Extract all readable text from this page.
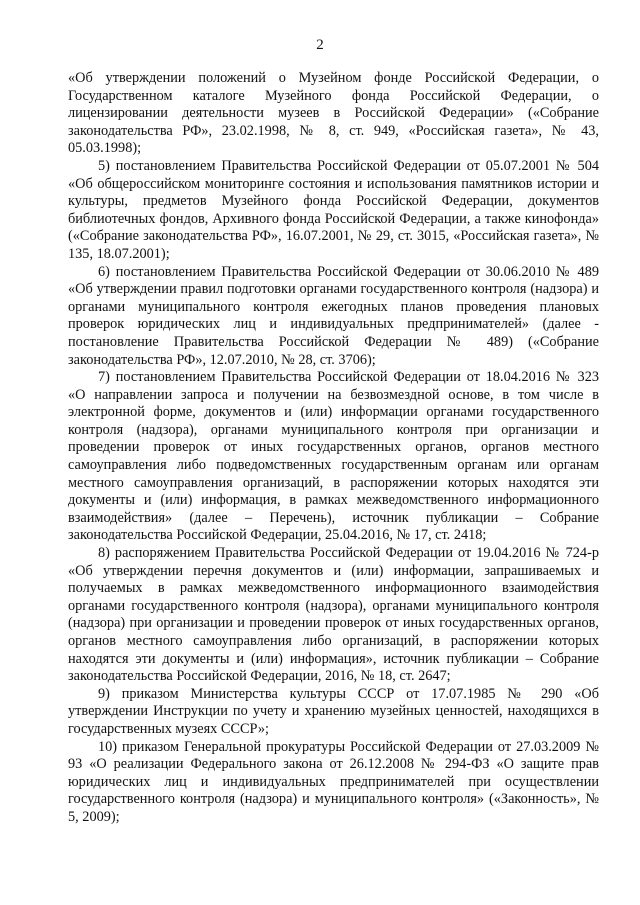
2

«Об утверждении положений о Музейном фонде Российской Федерации, о Государственном каталоге Музейного фонда Российской Федерации, о лицензировании деятельности музеев в Российской Федерации» («Собрание законодательства РФ», 23.02.1998, № 8, ст. 949, «Российская газета», № 43, 05.03.1998);

5) постановлением Правительства Российской Федерации от 05.07.2001 № 504 «Об общероссийском мониторинге состояния и использования памятников истории и культуры, предметов Музейного фонда Российской Федерации, документов библиотечных фондов, Архивного фонда Российской Федерации, а также кинофонда» («Собрание законодательства РФ», 16.07.2001, № 29, ст. 3015, «Российская газета», № 135, 18.07.2001);

6) постановлением Правительства Российской Федерации от 30.06.2010 № 489 «Об утверждении правил подготовки органами государственного контроля (надзора) и органами муниципального контроля ежегодных планов проведения плановых проверок юридических лиц и индивидуальных предпринимателей» (далее - постановление Правительства Российской Федерации № 489) («Собрание законодательства РФ», 12.07.2010, № 28, ст. 3706);

7) постановлением Правительства Российской Федерации от 18.04.2016 № 323 «О направлении запроса и получении на безвозмездной основе, в том числе в электронной форме, документов и (или) информации органами государственного контроля (надзора), органами муниципального контроля при организации и проведении проверок от иных государственных органов, органов местного самоуправления либо подведомственных государственным органам или органам местного самоуправления организаций, в распоряжении которых находятся эти документы и (или) информация, в рамках межведомственного информационного взаимодействия» (далее – Перечень), источник публикации – Собрание законодательства Российской Федерации, 25.04.2016, № 17, ст. 2418;

8) распоряжением Правительства Российской Федерации от 19.04.2016 № 724-р «Об утверждении перечня документов и (или) информации, запрашиваемых и получаемых в рамках межведомственного информационного взаимодействия органами государственного контроля (надзора), органами муниципального контроля (надзора) при организации и проведении проверок от иных государственных органов, органов местного самоуправления либо организаций, в распоряжении которых находятся эти документы и (или) информация», источник публикации – Собрание законодательства Российской Федерации, 2016, № 18, ст. 2647;

9) приказом Министерства культуры СССР от 17.07.1985 № 290 «Об утверждении Инструкции по учету и хранению музейных ценностей, находящихся в государственных музеях СССР»;

10) приказом Генеральной прокуратуры Российской Федерации от 27.03.2009 № 93 «О реализации Федерального закона от 26.12.2008 № 294-ФЗ «О защите прав юридических лиц и индивидуальных предпринимателей при осуществлении государственного контроля (надзора) и муниципального контроля» («Законность», № 5, 2009);
